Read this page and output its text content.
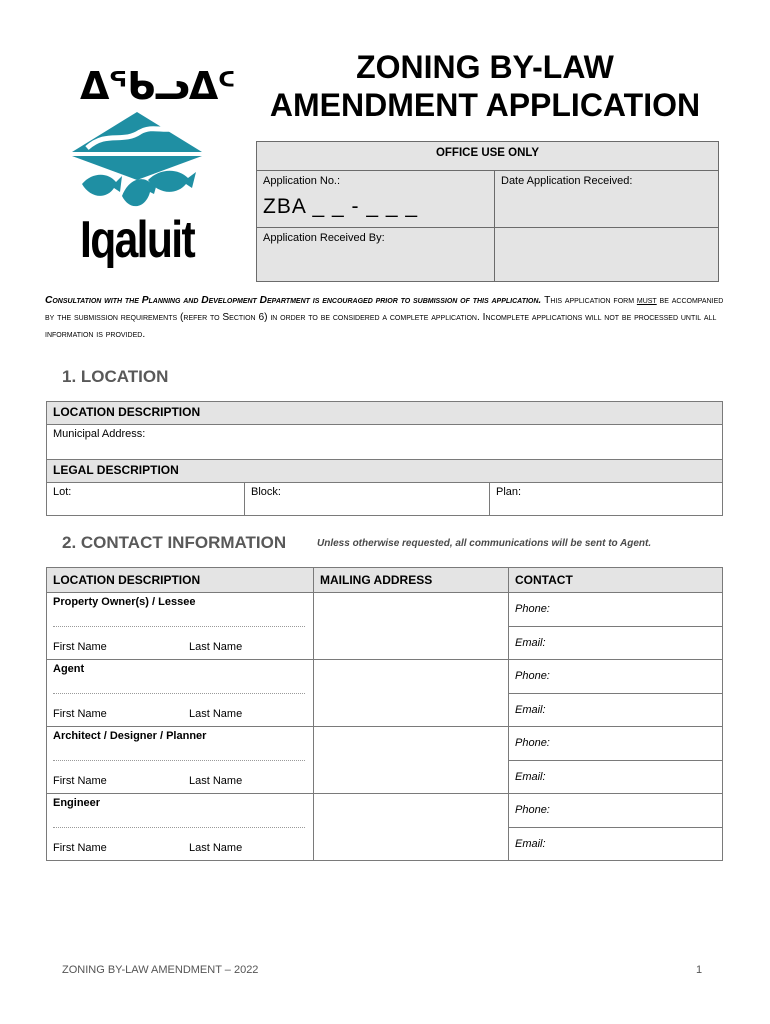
ᐃᖃᓗᐃᑦ
Iqaluit
ZONING BY-LAW
AMENDMENT APPLICATION
OFFICE USE ONLY	

Application No.:
ZBA _ _ - _ _ _	Date Application Received:
Application Received By:	
Consultation with the Planning and Development Department is encouraged prior to submission of this application. This application form must be accompanied by the submission requirements (refer to Section 6) in order to be considered a complete application. Incomplete applications will not be processed until all information is provided.
1. LOCATION
LOCATION DESCRIPTION
Municipal Address:
LEGAL DESCRIPTION
Lot:	Block:	Plan:
2. CONTACT INFORMATION	Unless otherwise requested, all communications will be sent to Agent.
LOCATION DESCRIPTION	MAILING ADDRESS	CONTACT
Property Owner(s) / Lessee
First Name Last Name		Phone:
		Email:
Agent
First Name Last Name		Phone:
		Email:
Architect / Designer / Planner
First Name Last Name		Phone:
		Email:
Engineer
First Name Last Name		Phone:
		Email:
ZONING BY-LAW AMENDMENT – 2022	1
